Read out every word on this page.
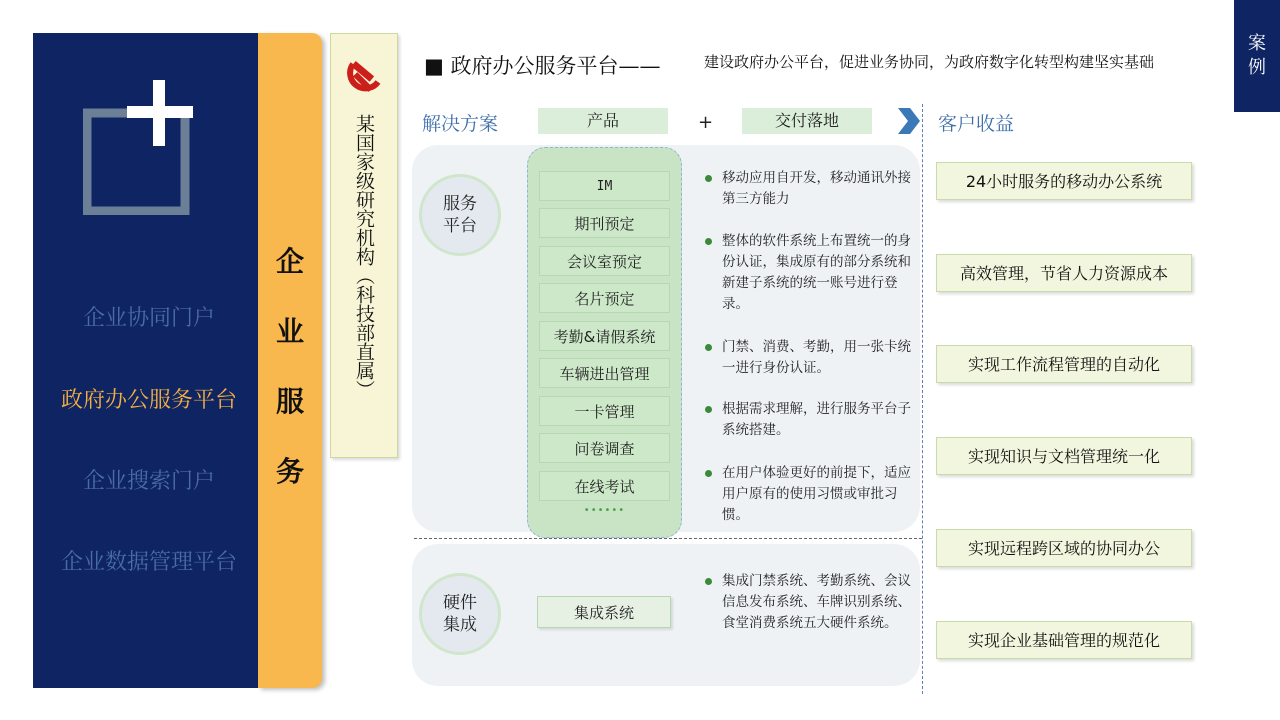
企业协同门户
政府办公服务平台
企业搜索门户
企业数据管理平台
企
业
服
务
某国家级研究机构（科技部直属）
案例
■ 政府办公服务平台——	建设政府办公平台，促进业务协同，为政府数字化转型构建坚实基础
解决方案	产品	+	交付落地	客户收益
服务平台
硬件集成
IM
期刊预定
会议室预定
名片预定
考勤&请假系统
车辆进出管理
一卡管理
问卷调查
在线考试
••••••
移动应用自开发，移动通讯外接第三方能力
整体的软件系统上布置统一的身份认证，集成原有的部分系统和新建子系统的统一账号进行登录。
门禁、消费、考勤，用一张卡统一进行身份认证。
根据需求理解，进行服务平台子系统搭建。
在用户体验更好的前提下，适应用户原有的使用习惯或审批习惯。
集成系统
集成门禁系统、考勤系统、会议信息发布系统、车牌识别系统、食堂消费系统五大硬件系统。
24小时服务的移动办公系统
高效管理，节省人力资源成本
实现工作流程管理的自动化
实现知识与文档管理统一化
实现远程跨区域的协同办公
实现企业基础管理的规范化
